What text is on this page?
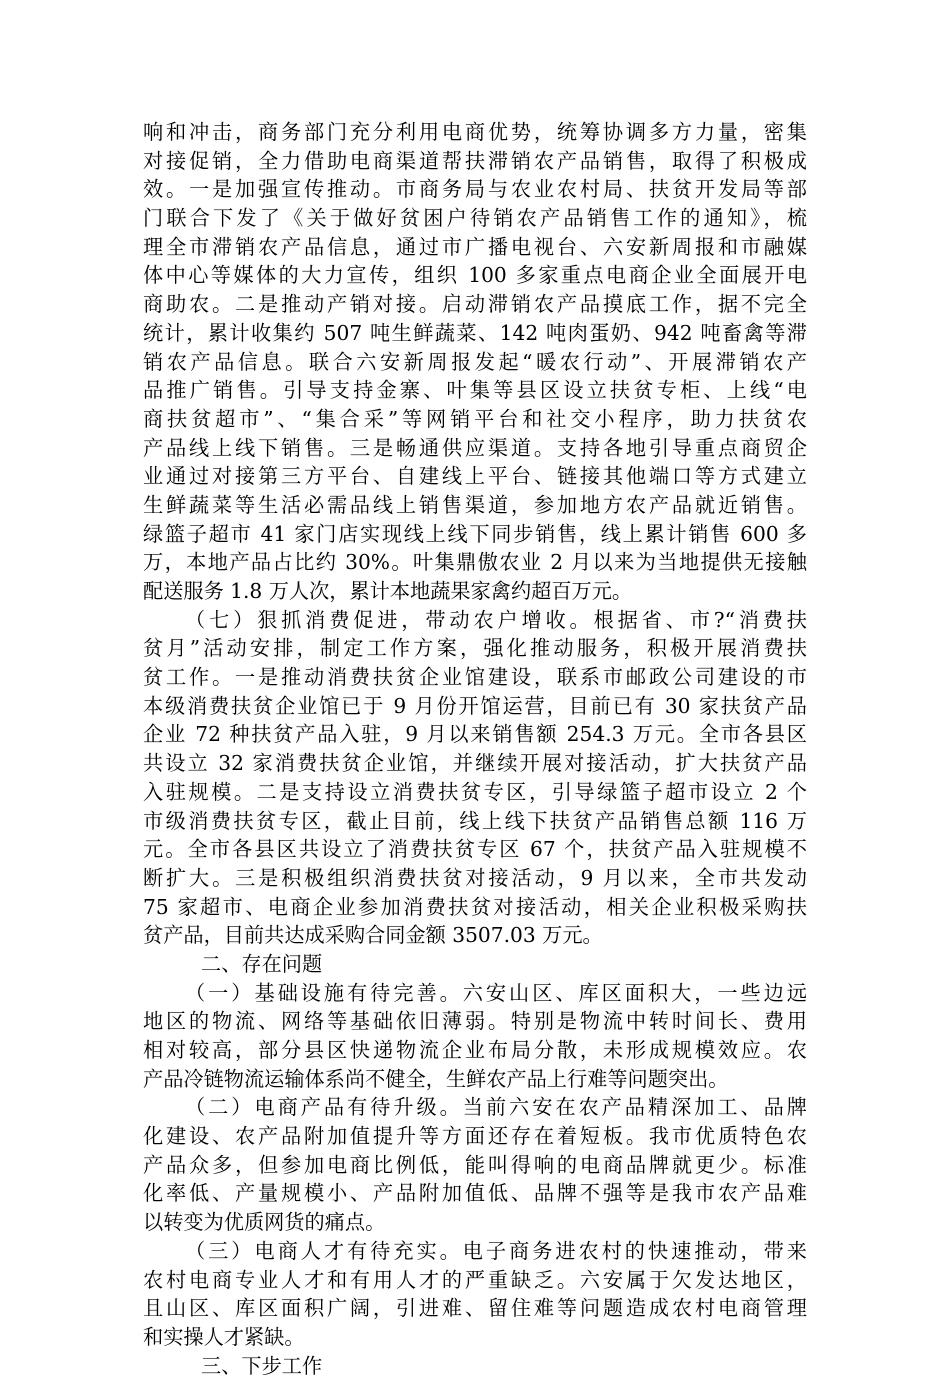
响和冲击，商务部门充分利用电商优势，统筹协调多方力量，密集
对接促销，全力借助电商渠道帮扶滞销农产品销售，取得了积极成
效。一是加强宣传推动。市商务局与农业农村局、扶贫开发局等部
门联合下发了《关于做好贫困户待销农产品销售工作的通知》，梳
理全市滞销农产品信息，通过市广播电视台、六安新周报和市融媒
体中心等媒体的大力宣传，组织 100 多家重点电商企业全面展开电
商助农。二是推动产销对接。启动滞销农产品摸底工作，据不完全
统计，累计收集约 507 吨生鲜蔬菜、142 吨肉蛋奶、942 吨畜禽等滞
销农产品信息。联合六安新周报发起“暖农行动”、开展滞销农产
品推广销售。引导支持金寨、叶集等县区设立扶贫专柜、上线“电
商扶贫超市”、“集合采”等网销平台和社交小程序，助力扶贫农
产品线上线下销售。三是畅通供应渠道。支持各地引导重点商贸企
业通过对接第三方平台、自建线上平台、链接其他端口等方式建立
生鲜蔬菜等生活必需品线上销售渠道，参加地方农产品就近销售。
绿篮子超市 41 家门店实现线上线下同步销售，线上累计销售 600 多
万，本地产品占比约 30%。叶集鼎傲农业 2 月以来为当地提供无接触
配送服务 1.8 万人次，累计本地蔬果家禽约超百万元。
（七）狠抓消费促进，带动农户增收。根据省、市?“消费扶
贫月”活动安排，制定工作方案，强化推动服务，积极开展消费扶
贫工作。一是推动消费扶贫企业馆建设，联系市邮政公司建设的市
本级消费扶贫企业馆已于 9 月份开馆运营，目前已有 30 家扶贫产品
企业 72 种扶贫产品入驻，9 月以来销售额 254.3 万元。全市各县区
共设立 32 家消费扶贫企业馆，并继续开展对接活动，扩大扶贫产品
入驻规模。二是支持设立消费扶贫专区，引导绿篮子超市设立 2 个
市级消费扶贫专区，截止目前，线上线下扶贫产品销售总额 116 万
元。全市各县区共设立了消费扶贫专区 67 个，扶贫产品入驻规模不
断扩大。三是积极组织消费扶贫对接活动，9 月以来，全市共发动
75 家超市、电商企业参加消费扶贫对接活动，相关企业积极采购扶
贫产品，目前共达成采购合同金额 3507.03 万元。
二、存在问题
（一）基础设施有待完善。六安山区、库区面积大，一些边远
地区的物流、网络等基础依旧薄弱。特别是物流中转时间长、费用
相对较高，部分县区快递物流企业布局分散，未形成规模效应。农
产品冷链物流运输体系尚不健全，生鲜农产品上行难等问题突出。
（二）电商产品有待升级。当前六安在农产品精深加工、品牌
化建设、农产品附加值提升等方面还存在着短板。我市优质特色农
产品众多，但参加电商比例低，能叫得响的电商品牌就更少。标准
化率低、产量规模小、产品附加值低、品牌不强等是我市农产品难
以转变为优质网货的痛点。
（三）电商人才有待充实。电子商务进农村的快速推动，带来
农村电商专业人才和有用人才的严重缺乏。六安属于欠发达地区，
且山区、库区面积广阔，引进难、留住难等问题造成农村电商管理
和实操人才紧缺。
三、下步工作
